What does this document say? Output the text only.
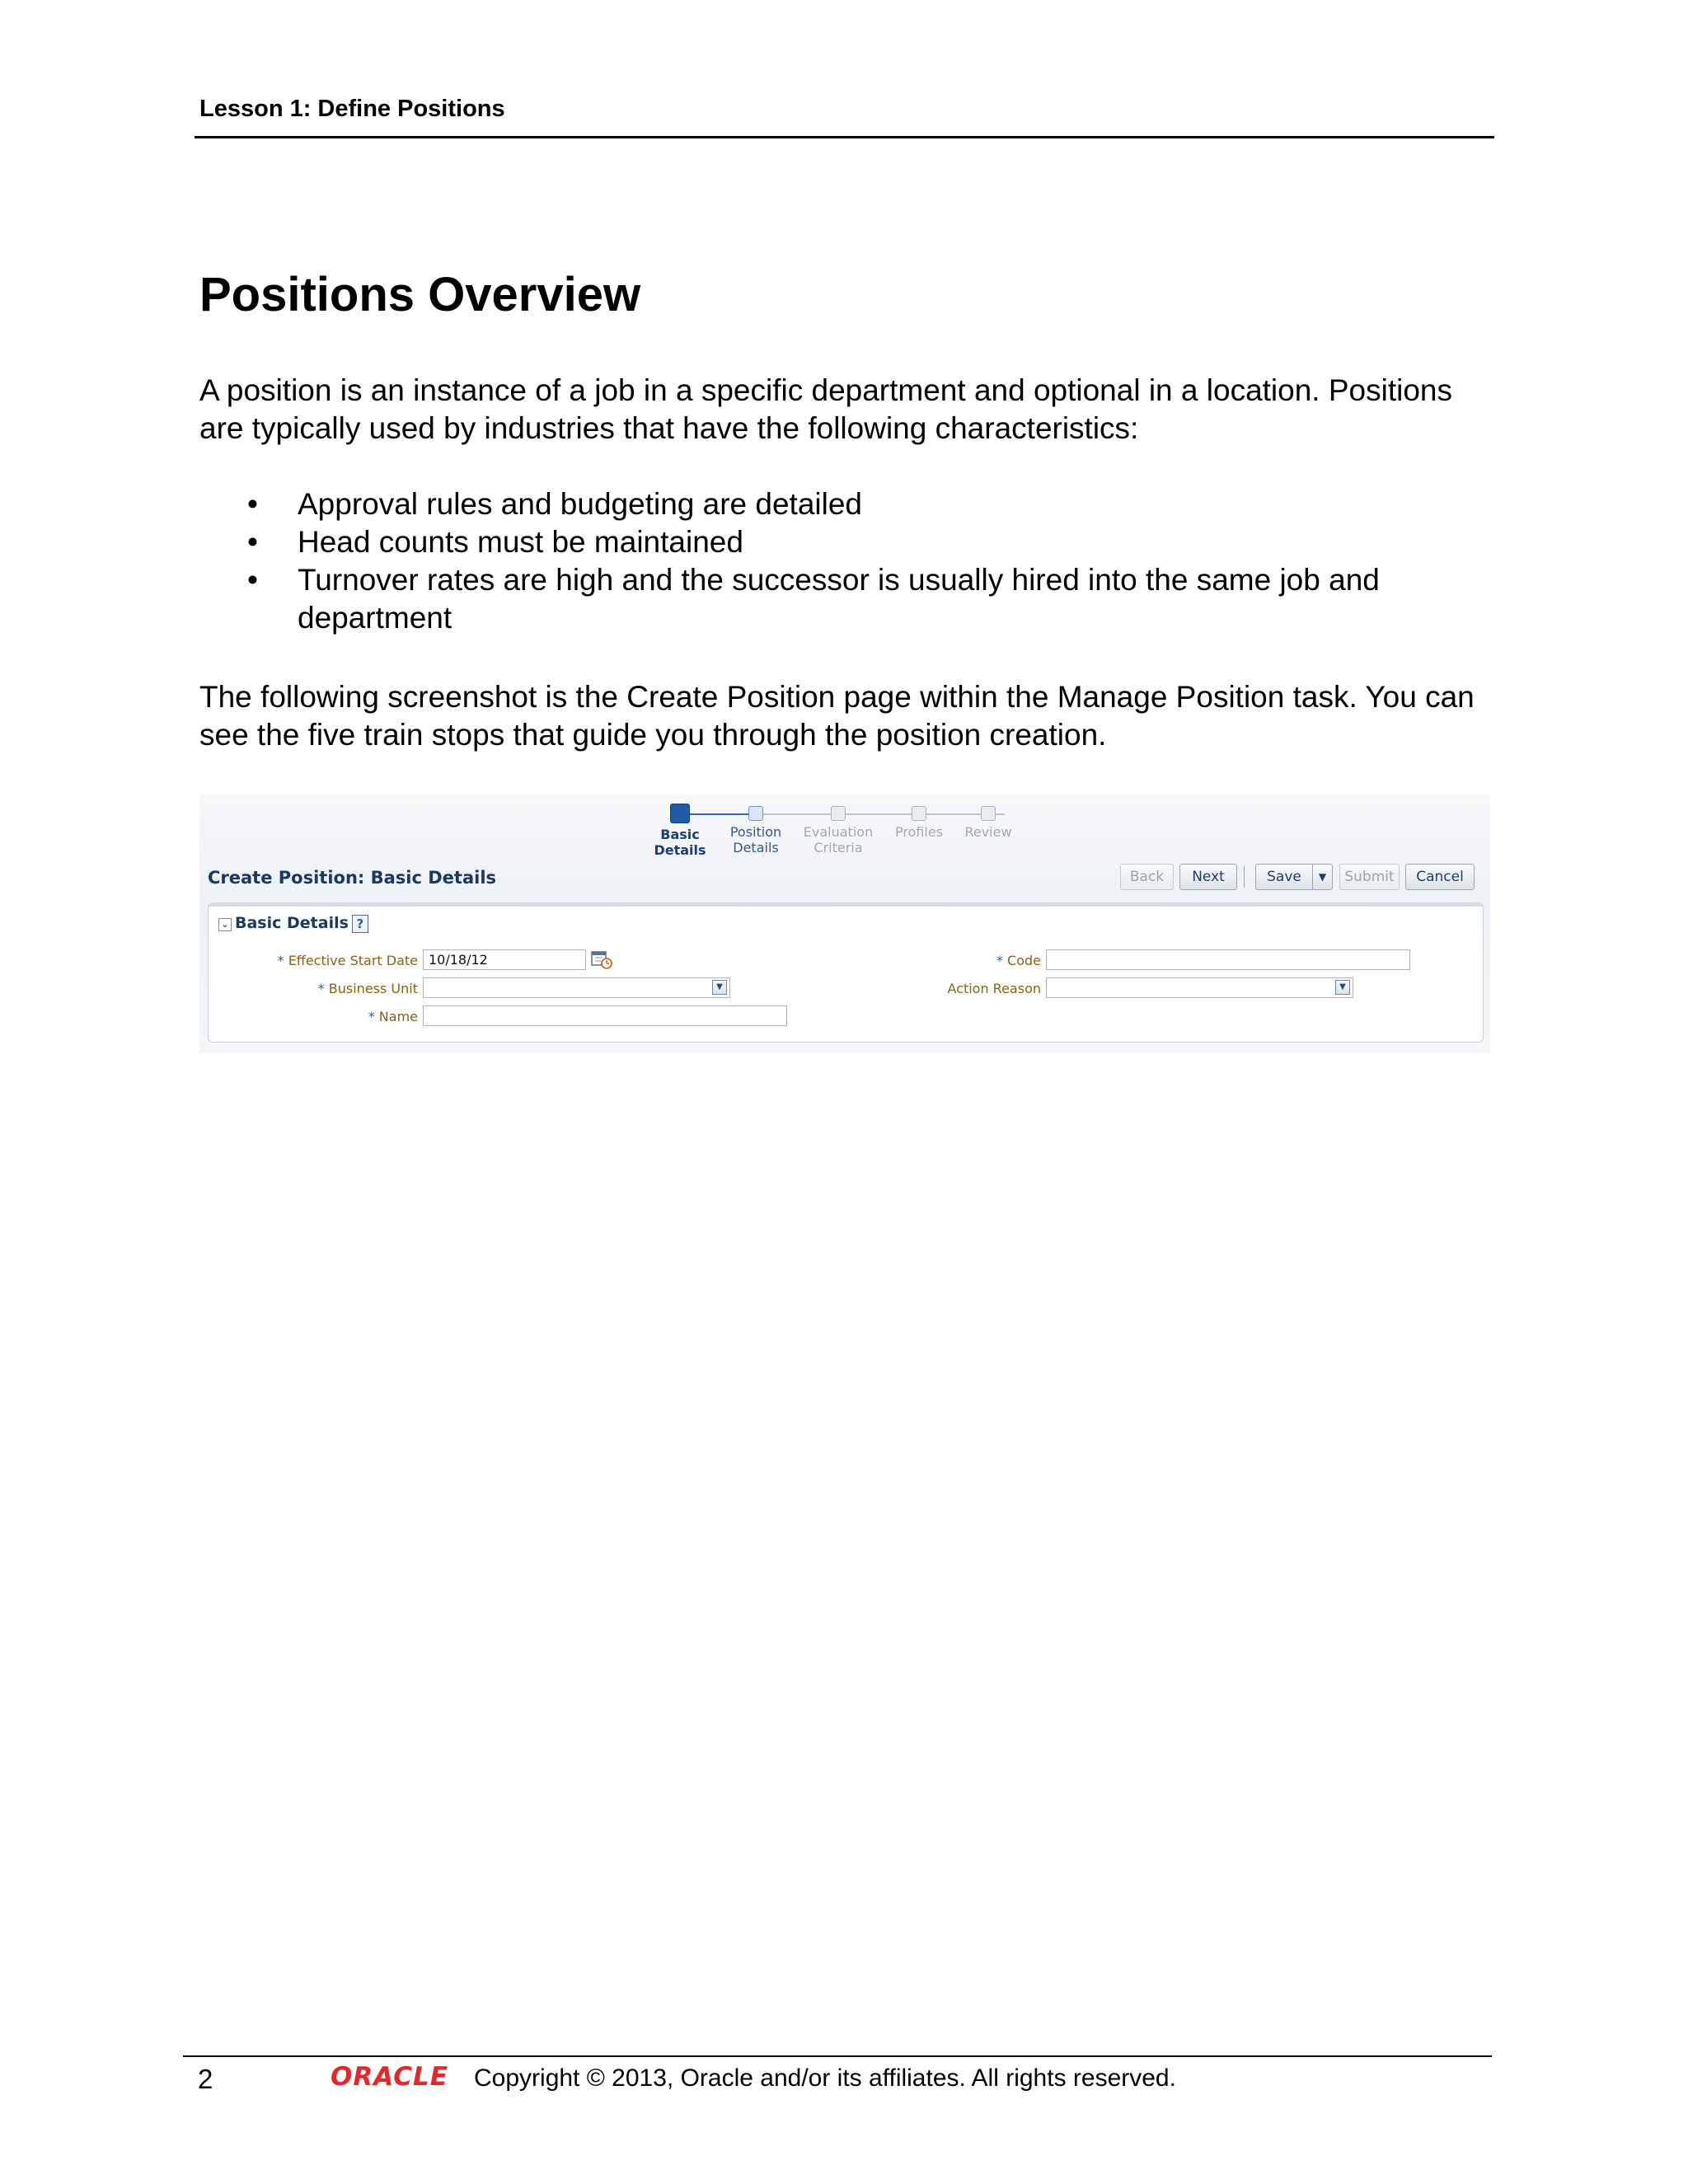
Lesson 1: Define Positions
Positions Overview

A position is an instance of a job in a specific department and optional in a location. Positions are typically used by industries that have the following characteristics:

• Approval rules and budgeting are detailed
• Head counts must be maintained
• Turnover rates are high and the successor is usually hired into the same job and department

The following screenshot is the Create Position page within the Manage Position task. You can see the five train stops that guide you through the position creation.

Basic
Details
Position
Details
Evaluation
Criteria
Profiles	Review
Create Position: Basic Details	Back	Next	Save	▼	Submit	Cancel
⌄ Basic Details ?
* Effective Start Date 10/18/12
* Business Unit	▼
* Name
* Code
Action Reason	▼
2	ORACLE Copyright © 2013, Oracle and/or its affiliates. All rights reserved.
